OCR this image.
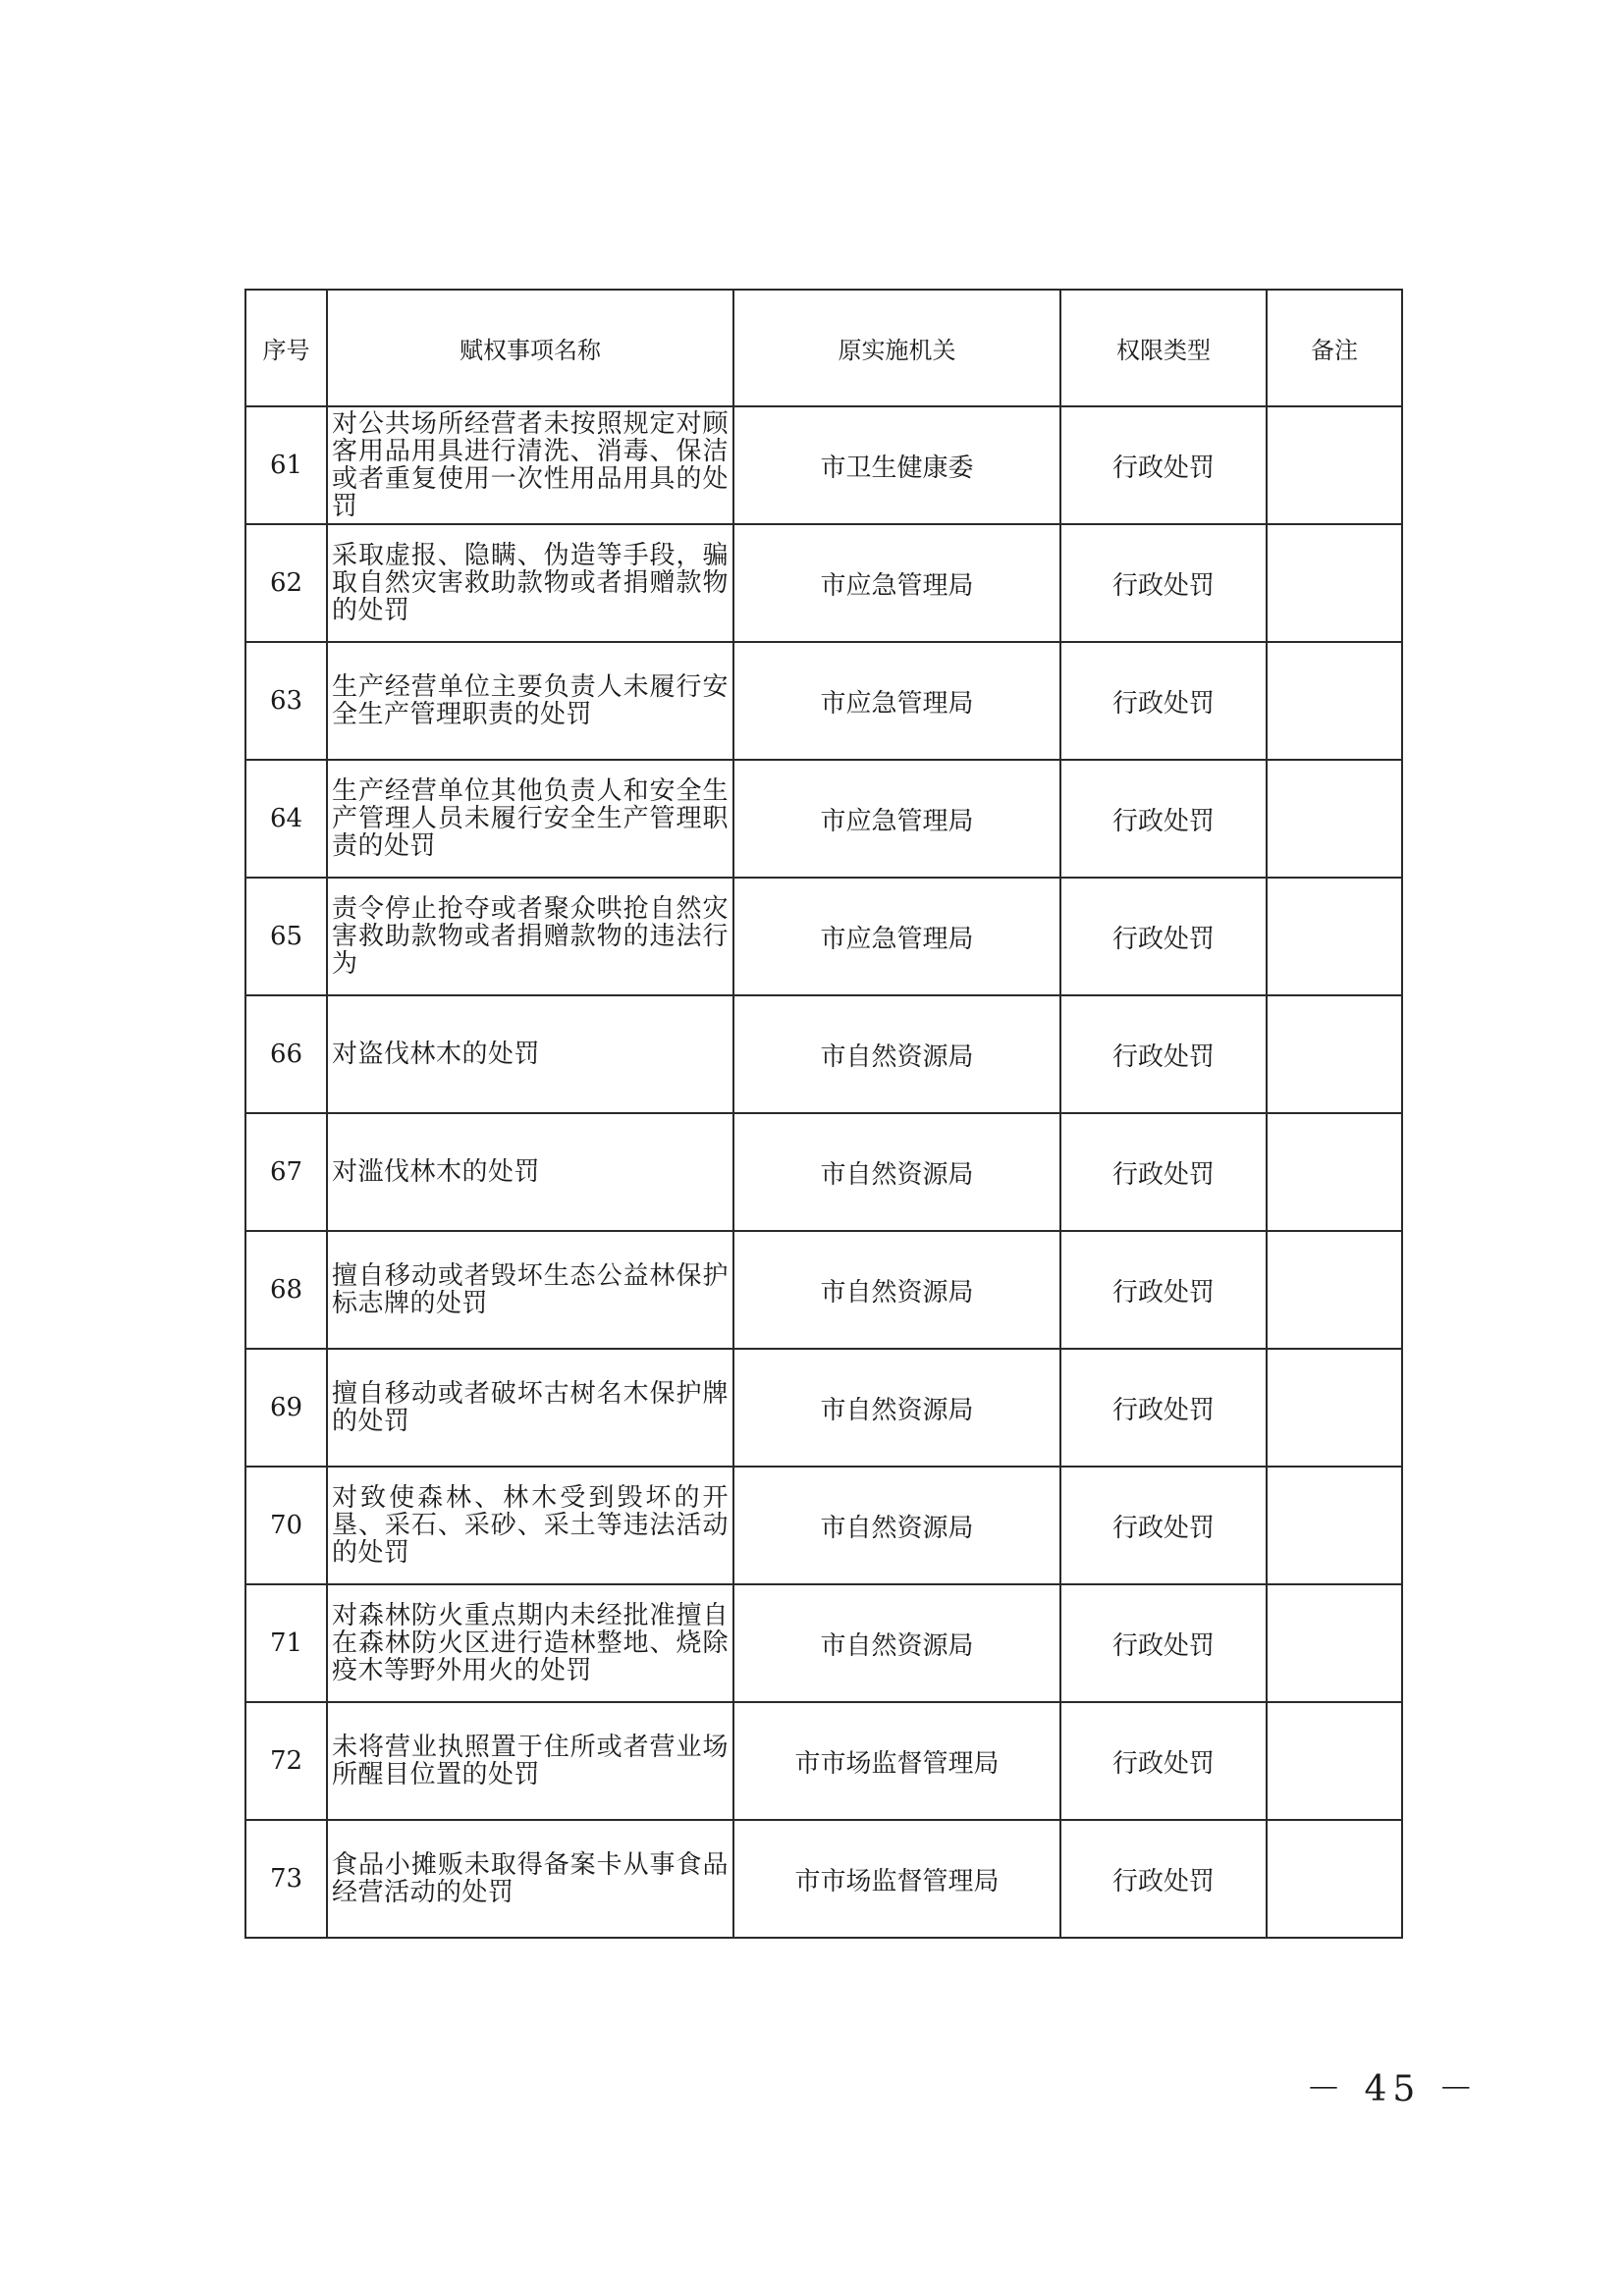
序号	赋权事项名称	原实施机关	权限类型	备注
61	对公共场所经营者未按照规定对顾客用品用具进行清洗、消毒、保洁或者重复使用一次性用品用具的处罚	市卫生健康委	行政处罚	
62	采取虚报、隐瞒、伪造等手段，骗取自然灾害救助款物或者捐赠款物的处罚	市应急管理局	行政处罚	
63	生产经营单位主要负责人未履行安全生产管理职责的处罚	市应急管理局	行政处罚	
64	生产经营单位其他负责人和安全生产管理人员未履行安全生产管理职责的处罚	市应急管理局	行政处罚	
65	责令停止抢夺或者聚众哄抢自然灾害救助款物或者捐赠款物的违法行为	市应急管理局	行政处罚	
66	对盗伐林木的处罚	市自然资源局	行政处罚	
67	对滥伐林木的处罚	市自然资源局	行政处罚	
68	擅自移动或者毁坏生态公益林保护标志牌的处罚	市自然资源局	行政处罚	
69	擅自移动或者破坏古树名木保护牌的处罚	市自然资源局	行政处罚	
70	对致使森林、林木受到毁坏的开垦、采石、采砂、采土等违法活动的处罚	市自然资源局	行政处罚	
71	对森林防火重点期内未经批准擅自在森林防火区进行造林整地、烧除疫木等野外用火的处罚	市自然资源局	行政处罚	
72	未将营业执照置于住所或者营业场所醒目位置的处罚	市市场监督管理局	行政处罚	
73	食品小摊贩未取得备案卡从事食品经营活动的处罚	市市场监督管理局	行政处罚	
－ 45 －
